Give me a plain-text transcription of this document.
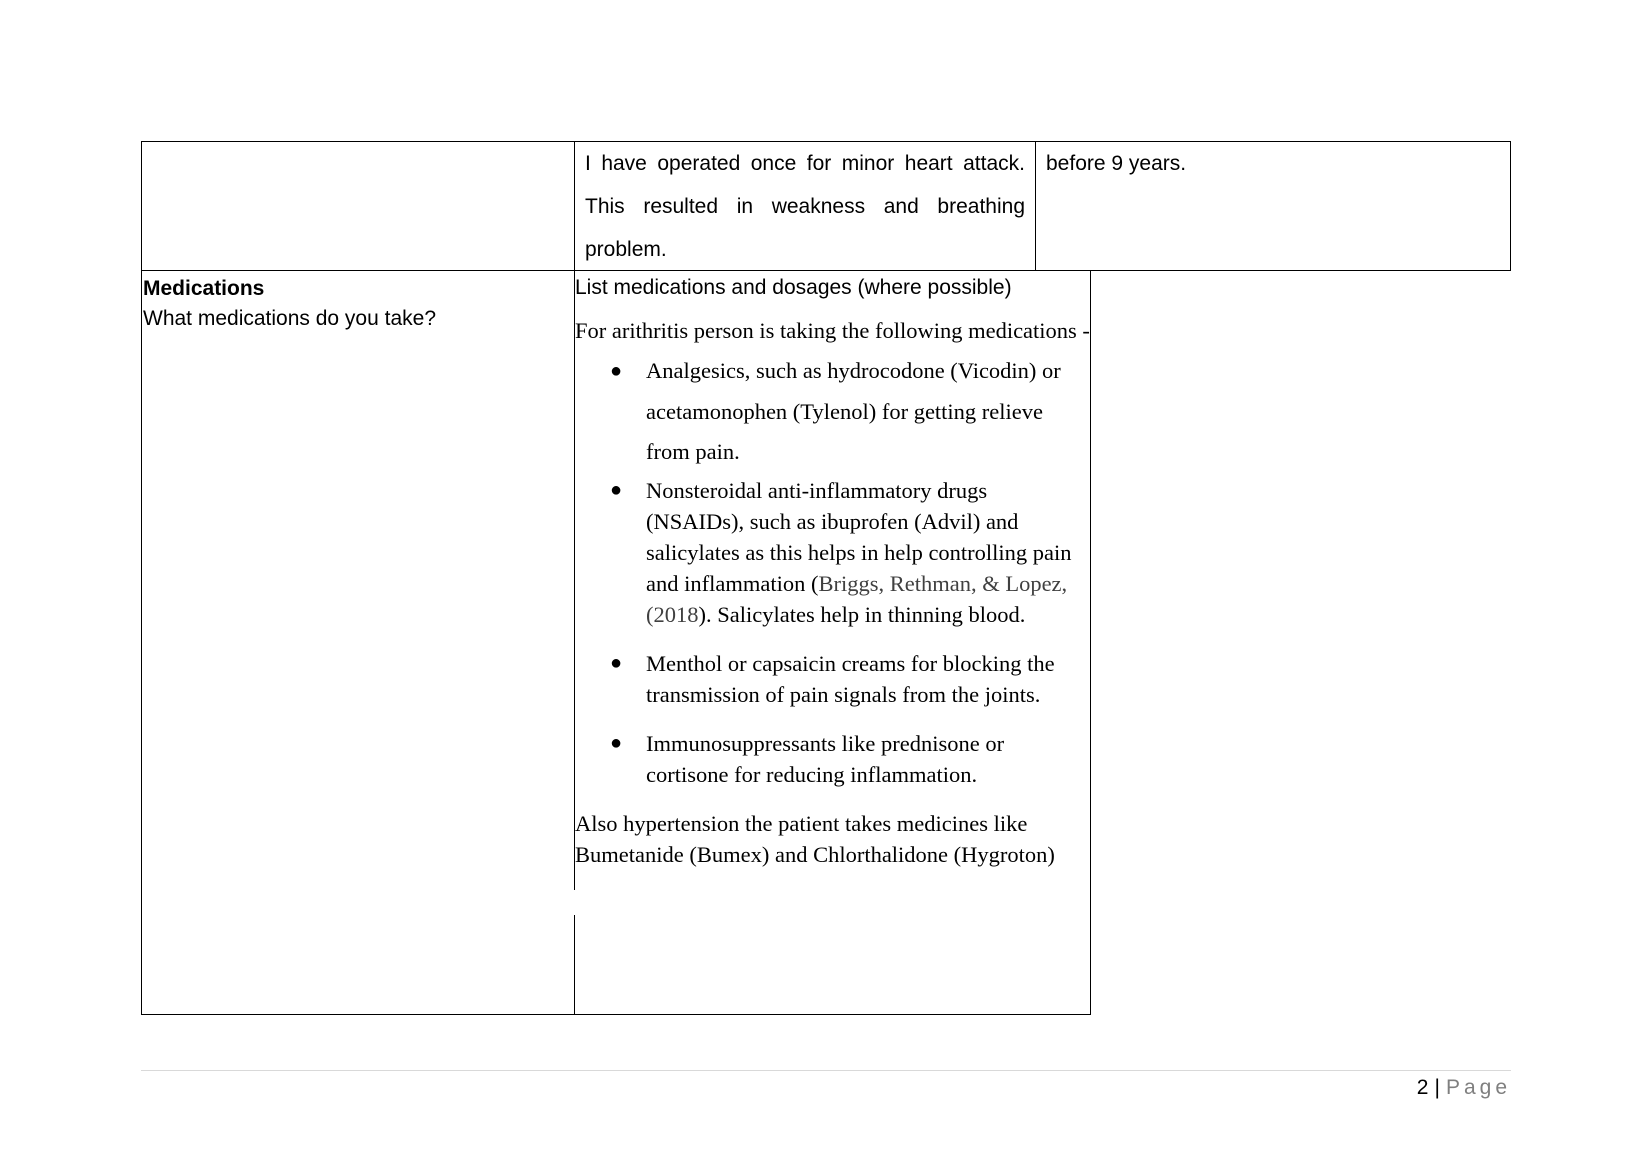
I have operated once for minor heart attack. This resulted in weakness and breathing problem.
before 9 years.
Medications
What medications do you take?
List medications and dosages (where possible)
For arithritis person is taking the following medications -
● Analgesics, such as hydrocodone (Vicodin) or acetamonophen (Tylenol) for getting relieve from pain.
● Nonsteroidal anti-inflammatory drugs (NSAIDs), such as ibuprofen (Advil) and salicylates as this helps in help controlling pain and inflammation (Briggs, Rethman, & Lopez, (2018). Salicylates help in thinning blood.
● Menthol or capsaicin creams for blocking the transmission of pain signals from the joints.
● Immunosuppressants like prednisone or cortisone for reducing inflammation.
Also hypertension the patient takes medicines like Bumetanide (Bumex) and Chlorthalidone (Hygroton)
2 | Page
